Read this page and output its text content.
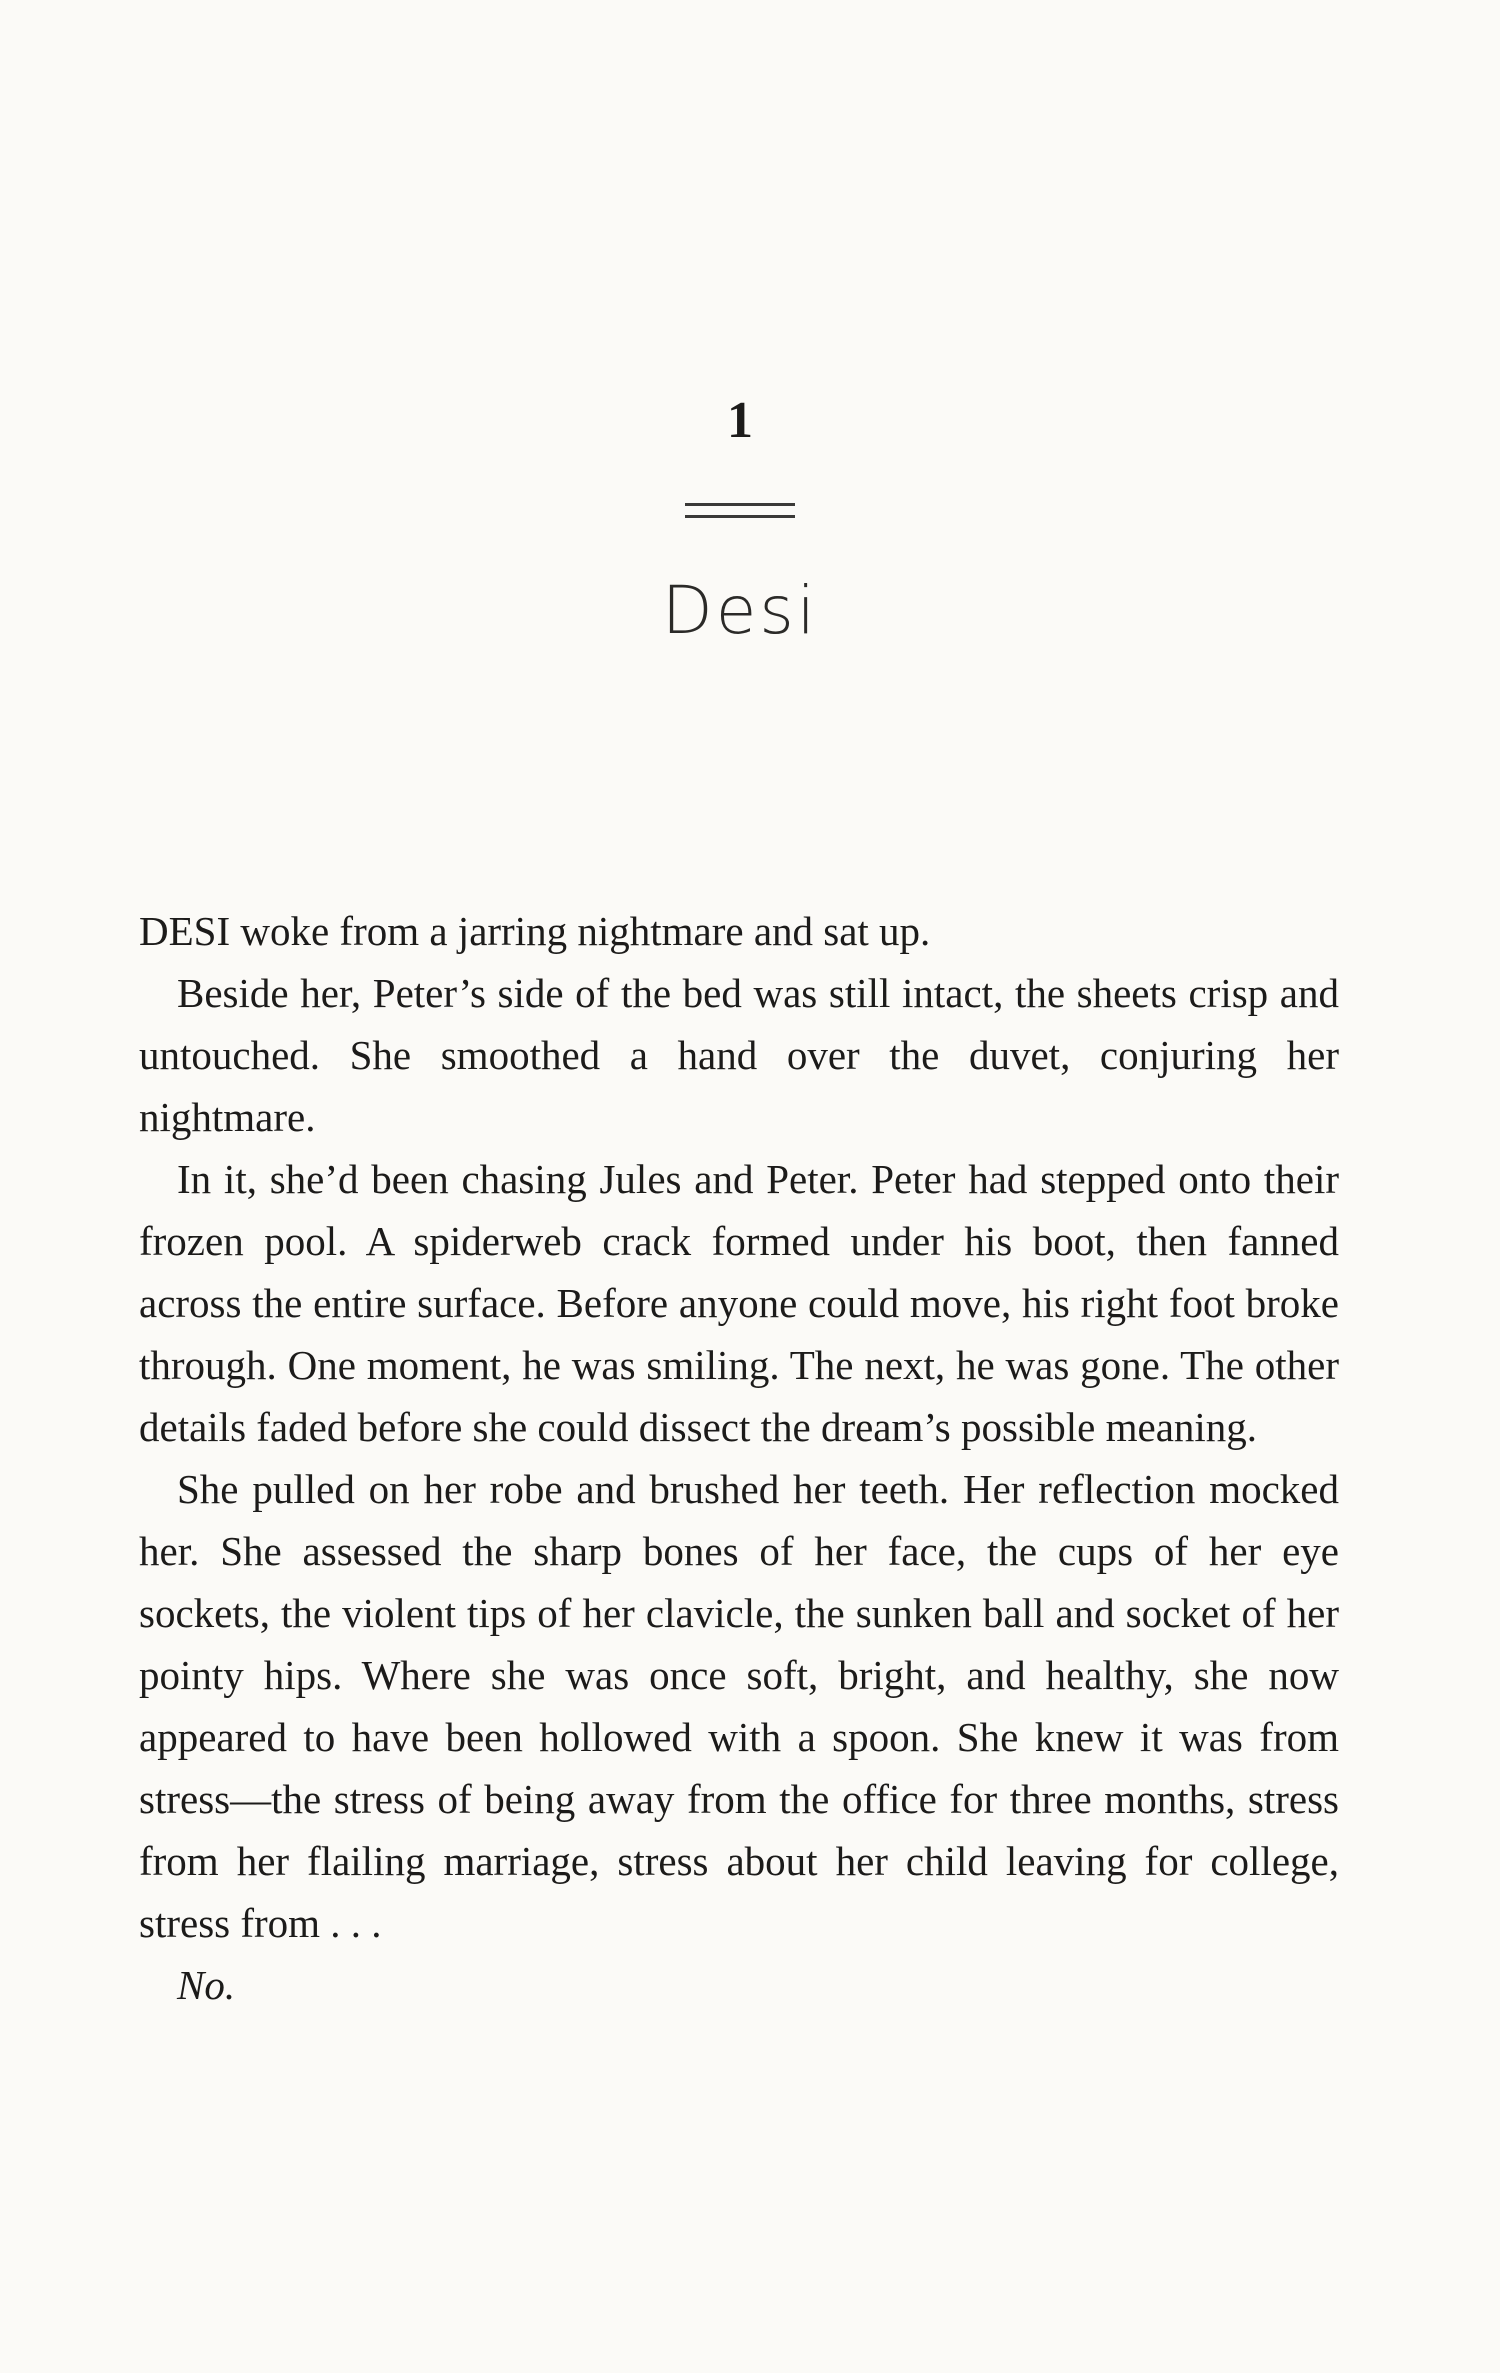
1
Desi

DESI woke from a jarring nightmare and sat up.

Beside her, Peter’s side of the bed was still intact, the sheets crisp and untouched. She smoothed a hand over the duvet, conjuring her nightmare.

In it, she’d been chasing Jules and Peter. Peter had stepped onto their frozen pool. A spiderweb crack formed under his boot, then fanned across the entire surface. Before anyone could move, his right foot broke through. One moment, he was smiling. The next, he was gone. The other details faded before she could dissect the dream’s possible meaning.

She pulled on her robe and brushed her teeth. Her reflection mocked her. She assessed the sharp bones of her face, the cups of her eye sockets, the violent tips of her clavicle, the sunken ball and socket of her pointy hips. Where she was once soft, bright, and healthy, she now appeared to have been hollowed with a spoon. She knew it was from stress—the stress of being away from the office for three months, stress from her flailing marriage, stress about her child leaving for college, stress from . . .

No.
